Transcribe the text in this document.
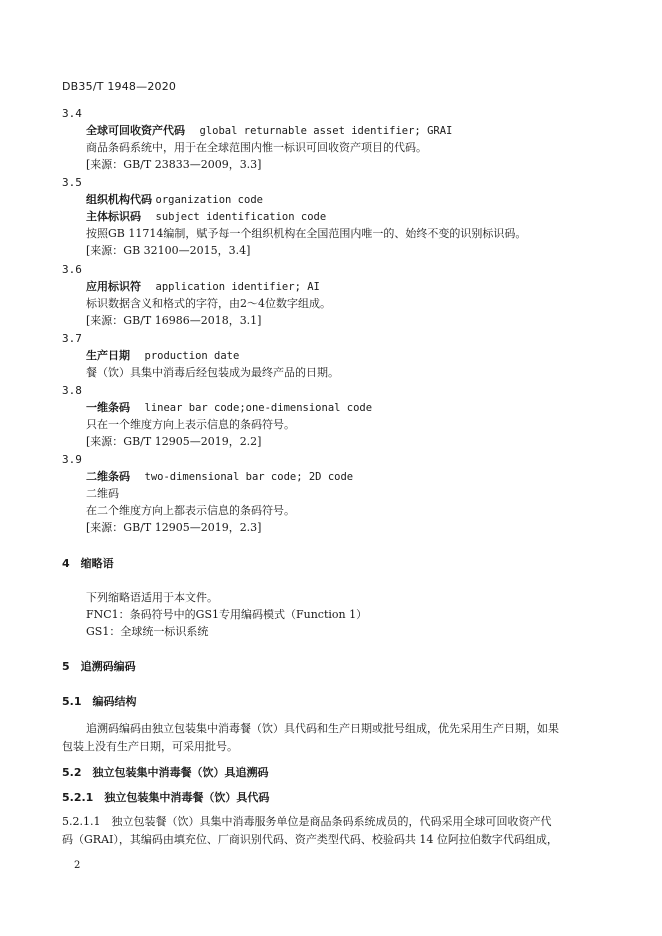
DB35/T 1948—2020
3.4
全球可回收资产代码　 global returnable asset identifier; GRAI
商品条码系统中，用于在全球范围内惟一标识可回收资产项目的代码。
[来源：GB/T 23833—2009，3.3]
3.5
组织机构代码 organization code
主体标识码　 subject identification code
按照GB 11714编制，赋予每一个组织机构在全国范围内唯一的、始终不变的识别标识码。
[来源：GB 32100—2015，3.4]
3.6
应用标识符　 application identifier; AI
标识数据含义和格式的字符，由2～4位数字组成。
[来源：GB/T 16986—2018，3.1]
3.7
生产日期　 production date
餐（饮）具集中消毒后经包装成为最终产品的日期。
3.8
一维条码　 linear bar code;one-dimensional code
只在一个维度方向上表示信息的条码符号。
[来源：GB/T 12905—2019，2.2]
3.9
二维条码　 two-dimensional bar code; 2D code
二维码
在二个维度方向上都表示信息的条码符号。
[来源：GB/T 12905—2019，2.3]
4　缩略语
下列缩略语适用于本文件。
FNC1：条码符号中的GS1专用编码模式（Function 1）
GS1：全球统一标识系统
5　追溯码编码
5.1　编码结构
追溯码编码由独立包装集中消毒餐（饮）具代码和生产日期或批号组成，优先采用生产日期，如果
包装上没有生产日期，可采用批号。
5.2　独立包装集中消毒餐（饮）具追溯码
5.2.1　独立包装集中消毒餐（饮）具代码
5.2.1.1　独立包装餐（饮）具集中消毒服务单位是商品条码系统成员的，代码采用全球可回收资产代
码（GRAI），其编码由填充位、厂商识别代码、资产类型代码、校验码共 14 位阿拉伯数字代码组成，
2
